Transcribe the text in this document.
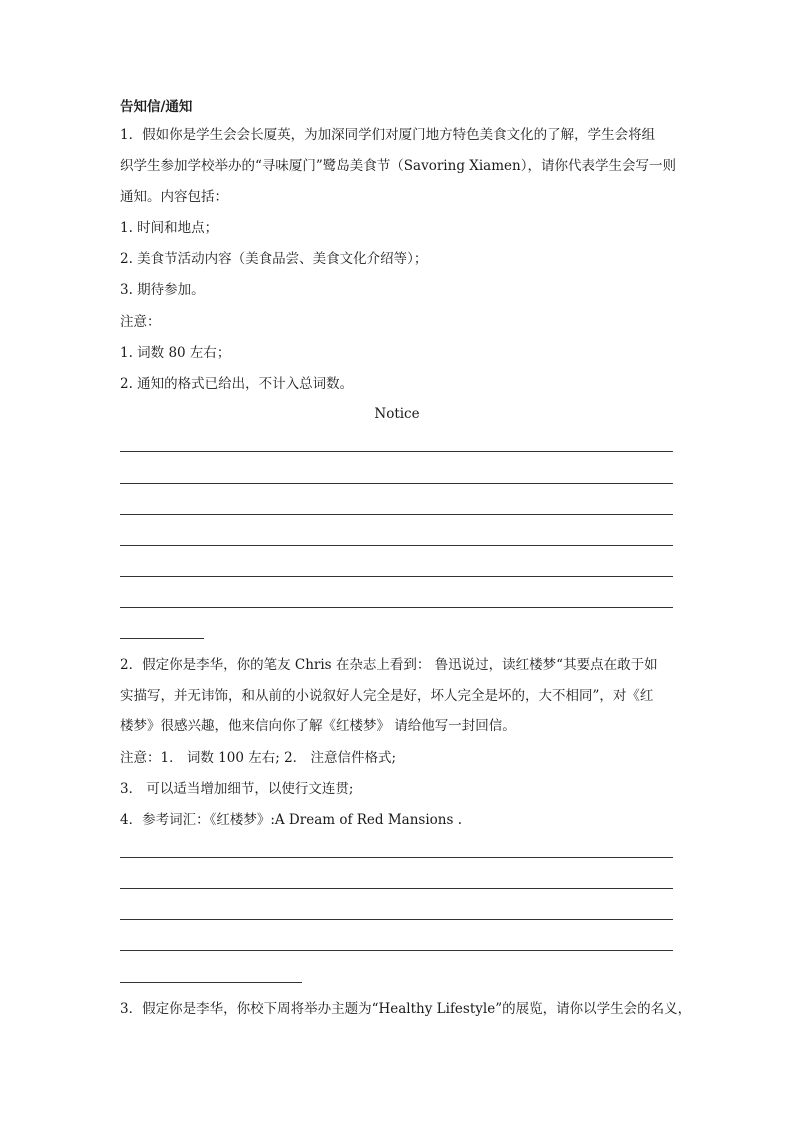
告知信/通知
1．假如你是学生会会长厦英，为加深同学们对厦门地方特色美食文化的了解，学生会将组
织学生参加学校举办的“寻味厦门”鹭岛美食节（Savoring Xiamen），请你代表学生会写一则
通知。内容包括：
1. 时间和地点；
2. 美食节活动内容（美食品尝、美食文化介绍等）；
3. 期待参加。
注意：
1. 词数 80 左右；
2. 通知的格式已给出，不计入总词数。
Notice
2．假定你是李华，你的笔友 Chris 在杂志上看到： 鲁迅说过，读红楼梦“其要点在敢于如
实描写，并无讳饰，和从前的小说叙好人完全是好，坏人完全是坏的，大不相同”，对《红
楼梦》很感兴趣，他来信向你了解《红楼梦》 请给他写一封回信。
注意：1． 词数 100 左右; 2． 注意信件格式;
3． 可以适当增加细节，以使行文连贯;
4．参考词汇：《红楼梦》:A Dream of Red Mansions .
3．假定你是李华，你校下周将举办主题为“Healthy Lifestyle”的展览，请你以学生会的名义，
